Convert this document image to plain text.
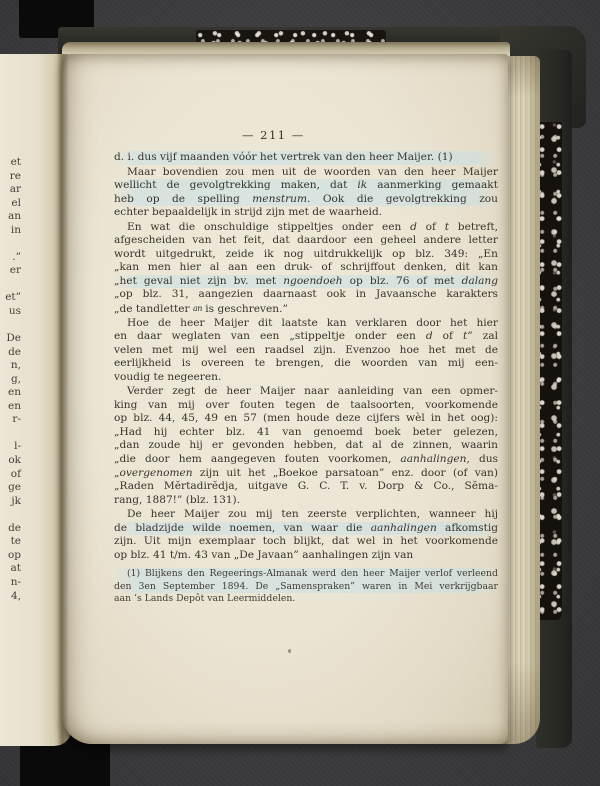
et
re
ar
el
an
in
.”
er
et”
us
De
de
n,
g,
en
en
r-
l-
ok
of
ge
jk
de
te
op
at
n-
4,
— 211 —
d. i. dus vijf maanden vóór het vertrek van den heer Maijer. (1)
Maar bovendien zou men uit de woorden van den heer Maijer
wellicht de gevolgtrekking maken, dat ik aanmerking gemaakt
heb op de spelling menstrum. Ook die gevolgtrekking zou
echter bepaaldelijk in strijd zijn met de waarheid.
En wat die onschuldige stippeltjes onder een d of t betreft,
afgescheiden van het feit, dat daardoor een geheel andere letter
wordt uitgedrukt, zeide ik nog uitdrukkelijk op blz. 349: „En
„kan men hier al aan een druk- of schrijffout denken, dit kan
„het geval niet zijn bv. met ngoendoeh op blz. 76 of met dalang
„op blz. 31, aangezien daarnaast ook in Javaansche karakters
„de tandletter an is geschreven.”
Hoe de heer Maijer dit laatste kan verklaren door het hier
en daar weglaten van een „stippeltje onder een d of t” zal
velen met mij wel een raadsel zijn. Evenzoo hoe het met de
eerlijkheid is overeen te brengen, die woorden van mij een-
voudig te negeeren.
Verder zegt de heer Maijer naar aanleiding van een opmer-
king van mij over fouten tegen de taalsoorten, voorkomende
op blz. 44, 45, 49 en 57 (men houde deze cijfers wèl in het oog):
„Had hij echter blz. 41 van genoemd boek beter gelezen,
„dan zoude hij er gevonden hebben, dat al de zinnen, waarin
„die door hem aangegeven fouten voorkomen, aanhalingen, dus
„overgenomen zijn uit het „Boekoe parsatoan” enz. door (of van)
„Raden Mĕrtadirĕdja, uitgave G. C. T. v. Dorp & Co., Sĕma-
rang, 1887!” (blz. 131).
De heer Maijer zou mij ten zeerste verplichten, wanneer hij
de bladzijde wilde noemen, van waar die aanhalingen afkomstig
zijn. Uit mijn exemplaar toch blijkt, dat wel in het voorkomende
op blz. 41 t/m. 43 van „De Javaan” aanhalingen zijn van
(1) Blijkens den Regeerings-Almanak werd den heer Maijer verlof verleend
den 3en September 1894. De „Samenspraken” waren in Mei verkrijgbaar
aan ’s Lands Depôt van Leermiddelen.
